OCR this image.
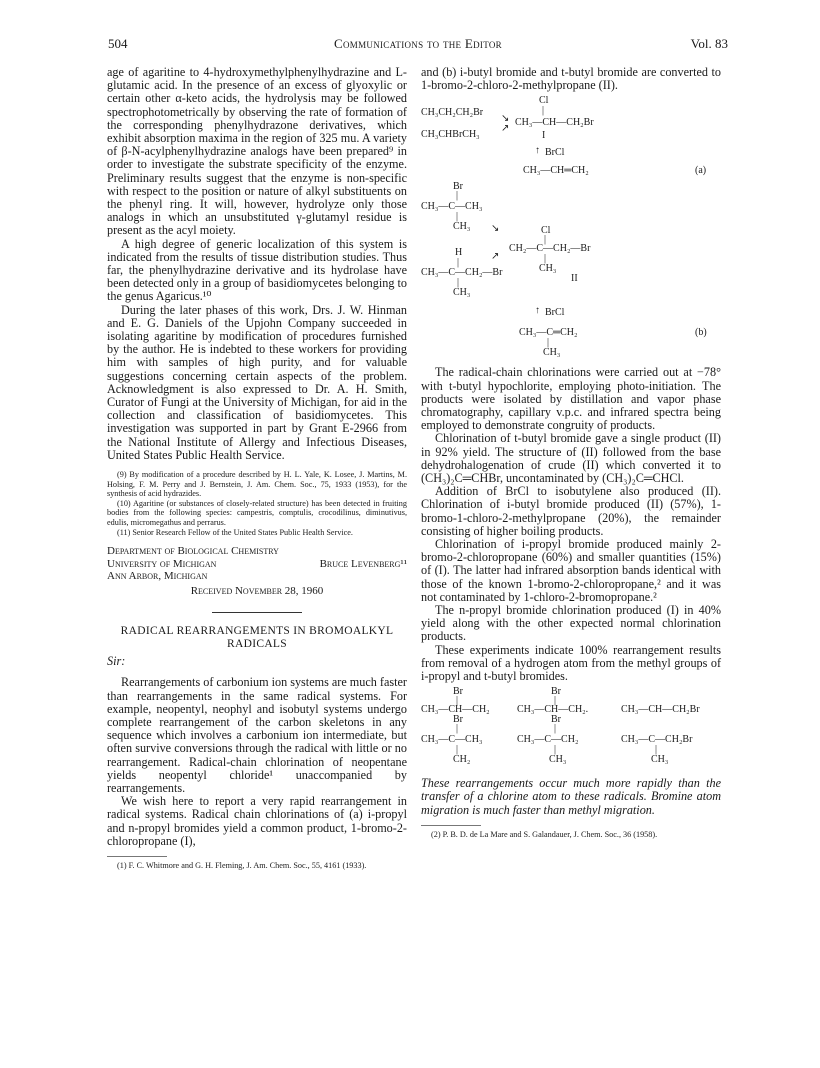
504	Communications to the Editor	Vol. 83

age of agaritine to 4-hydroxymethylphenylhydrazine and L-glutamic acid. In the presence of an excess of glyoxylic or certain other α-keto acids, the hydrolysis may be followed spectrophotometrically by observing the rate of formation of the corresponding phenylhydrazone derivatives, which exhibit absorption maxima in the region of 325 mu. A variety of β-N-acylphenylhydrazine analogs have been prepared⁹ in order to investigate the substrate specificity of the enzyme. Preliminary results suggest that the enzyme is non-specific with respect to the position or nature of alkyl substituents on the phenyl ring. It will, however, hydrolyze only those analogs in which an unsubstituted γ-glutamyl residue is present as the acyl moiety.

A high degree of generic localization of this system is indicated from the results of tissue distribution studies. Thus far, the phenylhydrazine derivative and its hydrolase have been detected only in a group of basidiomycetes belonging to the genus Agaricus.¹⁰

During the later phases of this work, Drs. J. W. Hinman and E. G. Daniels of the Upjohn Company succeeded in isolating agaritine by modification of procedures furnished by the author. He is indebted to these workers for providing him with samples of high purity, and for valuable suggestions concerning certain aspects of the problem. Acknowledgment is also expressed to Dr. A. H. Smith, Curator of Fungi at the University of Michigan, for aid in the collection and classification of basidiomycetes. This investigation was supported in part by Grant E-2966 from the National Institute of Allergy and Infectious Diseases, United States Public Health Service.

(9) By modification of a procedure described by H. L. Yale, K. Losee, J. Martins, M. Holsing, F. M. Perry and J. Bernstein, J. Am. Chem. Soc., 75, 1933 (1953), for the synthesis of acid hydrazides.

(10) Agaritine (or substances of closely-related structure) has been detected in fruiting bodies from the following species: campestris, comptulis, crocodilinus, diminutivus, edulis, micromegathus and perrarus.

(11) Senior Research Fellow of the United States Public Health Service.

Department of Biological Chemistry
University of Michigan	Bruce Levenberg¹¹
Ann Arbor, Michigan
Received November 28, 1960
RADICAL REARRANGEMENTS IN BROMOALKYL RADICALS
Sir:

Rearrangements of carbonium ion systems are much faster than rearrangements in the same radical systems. For example, neopentyl, neophyl and isobutyl systems undergo complete rearrangement of the carbon skeletons in any sequence which involves a carbonium ion intermediate, but often survive conversions through the radical with little or no rearrangement. Radical-chain chlorination of neopentane yields neopentyl chloride¹ unaccompanied by rearrangements.

We wish here to report a very rapid rearrangement in radical systems. Radical chain chlorinations of (a) i-propyl and n-propyl bromides yield a common product, 1-bromo-2-chloropropane (I),

(1) F. C. Whitmore and G. H. Fleming, J. Am. Chem. Soc., 55, 4161 (1933).

and (b) i-butyl bromide and t-butyl bromide are converted to 1-bromo-2-chloro-2-methylpropane (II).

Cl
|
CH₃CH₂CH₂Br
↘ CH₃—CH—CH₂Br
CH₃CHBrCH₃
↗
I
↑ BrCl
CH₃—CH═CH₂	(a)
Br
|
CH₃—C—CH₃
|
CH₃ ↘	Cl
|
CH₂—C—CH₂—Br
|
CH₃
II
H	↗
|
CH₃—C—CH₂—Br
|
CH₃
↑ BrCl
CH₃—C═CH₂
|
CH₃
(b)

The radical-chain chlorinations were carried out at −78° with t-butyl hypochlorite, employing photo-initiation. The products were isolated by distillation and vapor phase chromatography, capillary v.p.c. and infrared spectra being employed to demonstrate congruity of products.

Chlorination of t-butyl bromide gave a single product (II) in 92% yield. The structure of (II) followed from the base dehydrohalogenation of crude (II) which converted it to (CH₃)₂C═CHBr, uncontaminated by (CH₃)₂C═CHCl.

Addition of BrCl to isobutylene also produced (II). Chlorination of i-butyl bromide produced (II) (57%), 1-bromo-1-chloro-2-methylpropane (20%), the remainder consisting of higher boiling products.

Chlorination of i-propyl bromide produced mainly 2-bromo-2-chloropropane (60%) and smaller quantities (15%) of (I). The latter had infrared absorption bands identical with those of the known 1-bromo-2-chloropropane,² and it was not contaminated by 1-chloro-2-bromopropane.²

The n-propyl bromide chlorination produced (I) in 40% yield along with the other expected normal chlorination products.

These experiments indicate 100% rearrangement results from removal of a hydrogen atom from the methyl groups of i-propyl and t-butyl bromides.

Br	Br
|	|
CH₃—CH—CH₂	CH₃—CH—CH₂.	CH₃—CH—CH₂Br
Br	Br
|	|
CH₃—C—CH₃	CH₃—C—CH₂	CH₃—C—CH₂Br
|	|	|
CH₂	CH₃	CH₃

These rearrangements occur much more rapidly than the transfer of a chlorine atom to these radicals. Bromine atom migration is much faster than methyl migration.

(2) P. B. D. de La Mare and S. Galandauer, J. Chem. Soc., 36 (1958).
